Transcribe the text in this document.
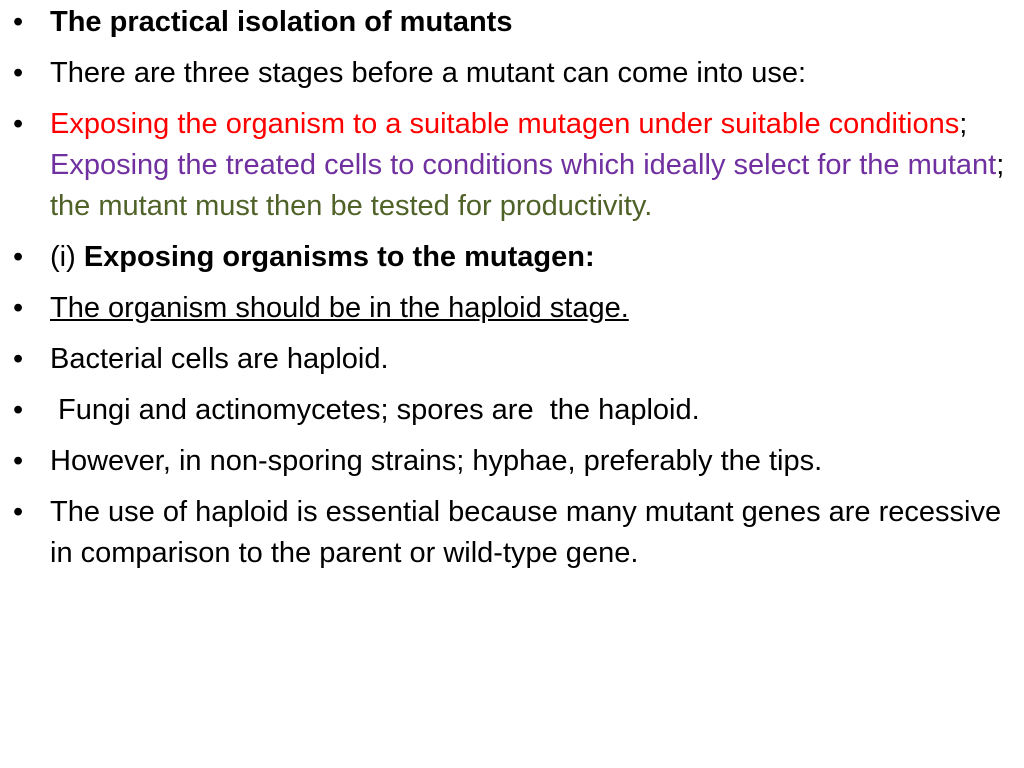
• The practical isolation of mutants
• There are three stages before a mutant can come into use:
• Exposing the organism to a suitable mutagen under suitable conditions; Exposing the treated cells to conditions which ideally select for the mutant; the mutant must then be tested for productivity.
• (i) Exposing organisms to the mutagen:
• The organism should be in the haploid stage.
• Bacterial cells are haploid.
•  Fungi and actinomycetes; spores are  the haploid.
• However, in non-sporing strains; hyphae, preferably the tips.
• The use of haploid is essential because many mutant genes are recessive in comparison to the parent or wild-type gene.
